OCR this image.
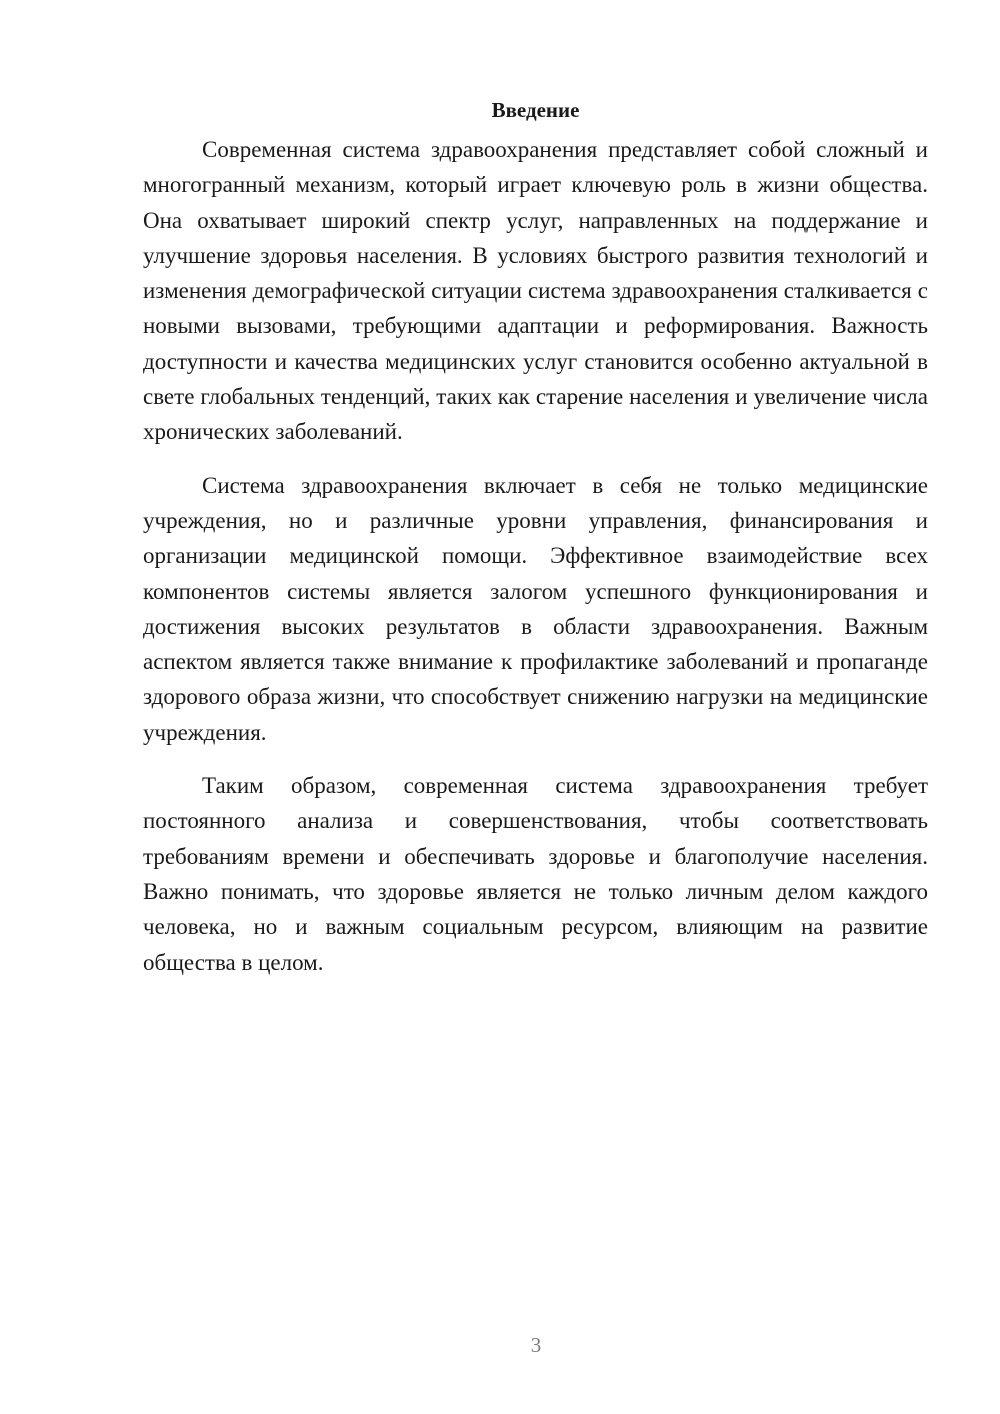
Введение

Современная система здравоохранения представляет собой сложный и многогранный механизм, который играет ключевую роль в жизни общества. Она охватывает широкий спектр услуг, направленных на поддержание и улучшение здоровья населения. В условиях быстрого развития технологий и изменения демографической ситуации система здравоохранения сталкивается с новыми вызовами, требующими адаптации и реформирования. Важность доступности и качества медицинских услуг становится особенно актуальной в свете глобальных тенденций, таких как старение населения и увеличение числа хронических заболеваний.

Система здравоохранения включает в себя не только медицинские учреждения, но и различные уровни управления, финансирования и организации медицинской помощи. Эффективное взаимодействие всех компонентов системы является залогом успешного функционирования и достижения высоких результатов в области здравоохранения. Важным аспектом является также внимание к профилактике заболеваний и пропаганде здорового образа жизни, что способствует снижению нагрузки на медицинские учреждения.

Таким образом, современная система здравоохранения требует постоянного анализа и совершенствования, чтобы соответствовать требованиям времени и обеспечивать здоровье и благополучие населения. Важно понимать, что здоровье является не только личным делом каждого человека, но и важным социальным ресурсом, влияющим на развитие общества в целом.

3
